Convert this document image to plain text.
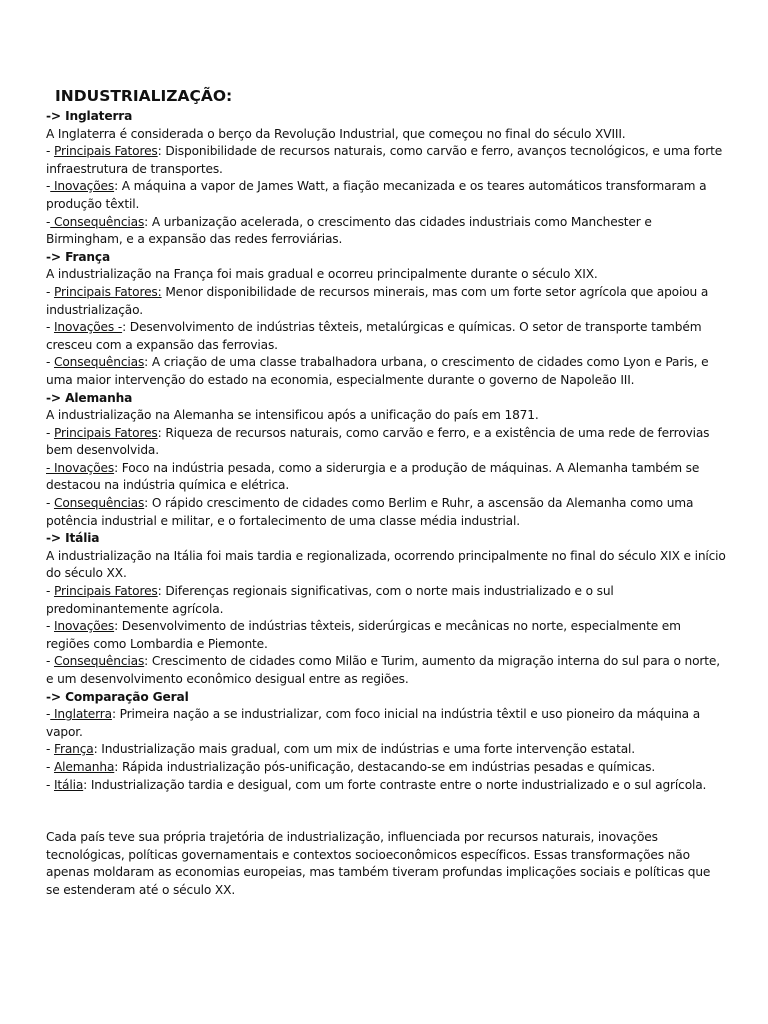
INDUSTRIALIZAÇÃO:
-> Inglaterra

A Inglaterra é considerada o berço da Revolução Industrial, que começou no final do século XVIII.

- Principais Fatores: Disponibilidade de recursos naturais, como carvão e ferro, avanços tecnológicos, e uma forte infraestrutura de transportes.

- Inovações: A máquina a vapor de James Watt, a fiação mecanizada e os teares automáticos transformaram a produção têxtil.

- Consequências: A urbanização acelerada, o crescimento das cidades industriais como Manchester e Birmingham, e a expansão das redes ferroviárias.

-> França

A industrialização na França foi mais gradual e ocorreu principalmente durante o século XIX.

- Principais Fatores: Menor disponibilidade de recursos minerais, mas com um forte setor agrícola que apoiou a industrialização.

- Inovações -: Desenvolvimento de indústrias têxteis, metalúrgicas e químicas. O setor de transporte também cresceu com a expansão das ferrovias.

- Consequências: A criação de uma classe trabalhadora urbana, o crescimento de cidades como Lyon e Paris, e uma maior intervenção do estado na economia, especialmente durante o governo de Napoleão III.

-> Alemanha

A industrialização na Alemanha se intensificou após a unificação do país em 1871.

- Principais Fatores: Riqueza de recursos naturais, como carvão e ferro, e a existência de uma rede de ferrovias bem desenvolvida.

- Inovações: Foco na indústria pesada, como a siderurgia e a produção de máquinas. A Alemanha também se destacou na indústria química e elétrica.

- Consequências: O rápido crescimento de cidades como Berlim e Ruhr, a ascensão da Alemanha como uma potência industrial e militar, e o fortalecimento de uma classe média industrial.

-> Itália

A industrialização na Itália foi mais tardia e regionalizada, ocorrendo principalmente no final do século XIX e início do século XX.

- Principais Fatores: Diferenças regionais significativas, com o norte mais industrializado e o sul predominantemente agrícola.

- Inovações: Desenvolvimento de indústrias têxteis, siderúrgicas e mecânicas no norte, especialmente em regiões como Lombardia e Piemonte.

- Consequências: Crescimento de cidades como Milão e Turim, aumento da migração interna do sul para o norte, e um desenvolvimento econômico desigual entre as regiões.

-> Comparação Geral

- Inglaterra: Primeira nação a se industrializar, com foco inicial na indústria têxtil e uso pioneiro da máquina a vapor.

- França: Industrialização mais gradual, com um mix de indústrias e uma forte intervenção estatal.

- Alemanha: Rápida industrialização pós-unificação, destacando-se em indústrias pesadas e químicas.

- Itália: Industrialização tardia e desigual, com um forte contraste entre o norte industrializado e o sul agrícola.

Cada país teve sua própria trajetória de industrialização, influenciada por recursos naturais, inovações tecnológicas, políticas governamentais e contextos socioeconômicos específicos. Essas transformações não apenas moldaram as economias europeias, mas também tiveram profundas implicações sociais e políticas que se estenderam até o século XX.
